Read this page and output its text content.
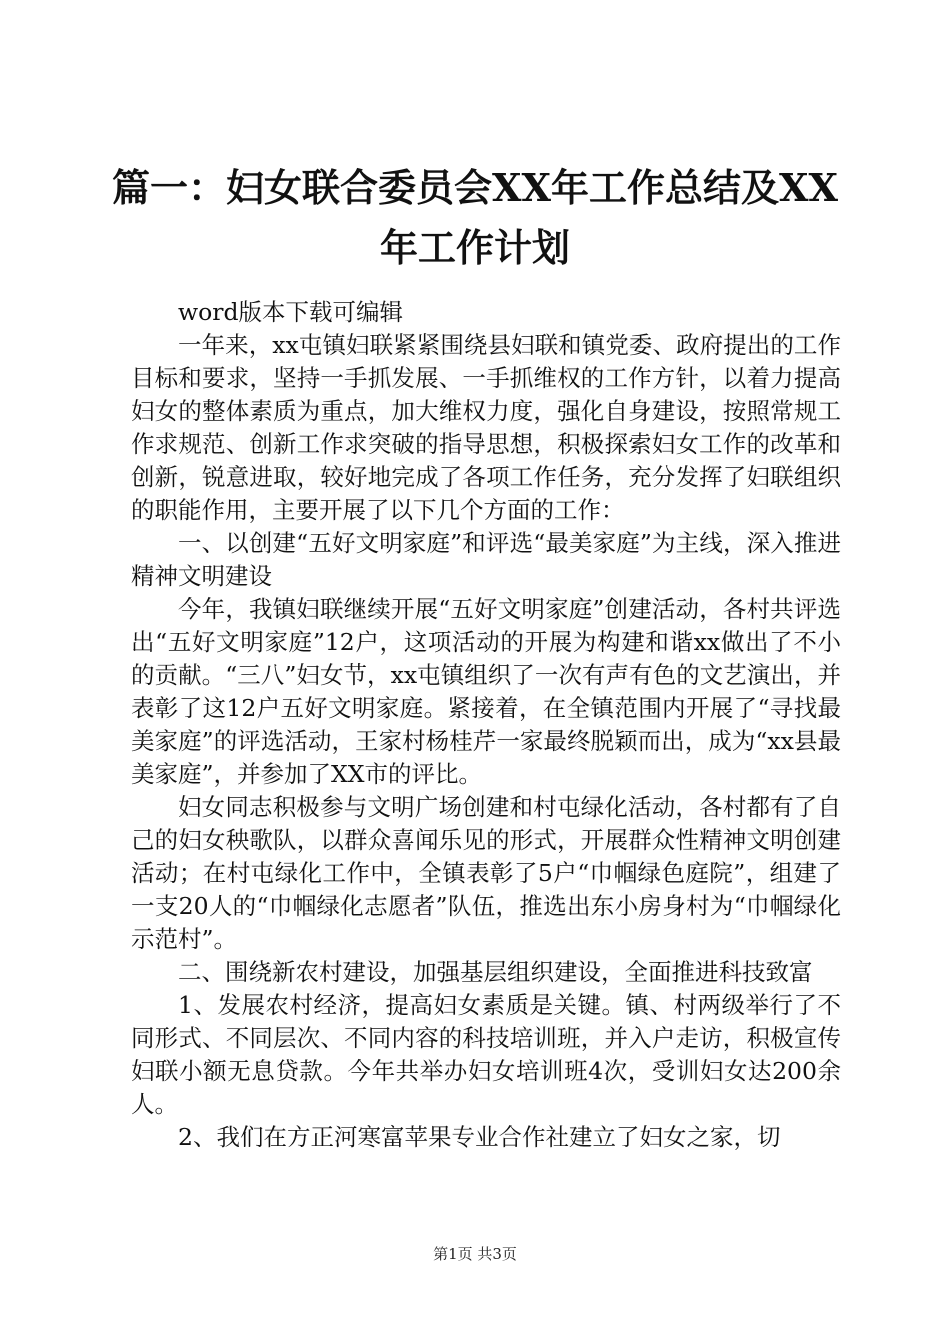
篇一：妇女联合委员会XX年工作总结及XX年工作计划

word版本下载可编辑

一年来，xx屯镇妇联紧紧围绕县妇联和镇党委、政府提出的工作目标和要求，坚持一手抓发展、一手抓维权的工作方针，以着力提高妇女的整体素质为重点，加大维权力度，强化自身建设，按照常规工作求规范、创新工作求突破的指导思想，积极探索妇女工作的改革和创新，锐意进取，较好地完成了各项工作任务，充分发挥了妇联组织的职能作用，主要开展了以下几个方面的工作：

一、以创建“五好文明家庭”和评选“最美家庭”为主线，深入推进精神文明建设

今年，我镇妇联继续开展“五好文明家庭”创建活动，各村共评选出“五好文明家庭”12户，这项活动的开展为构建和谐xx做出了不小的贡献。“三八”妇女节，xx屯镇组织了一次有声有色的文艺演出，并表彰了这12户五好文明家庭。紧接着，在全镇范围内开展了“寻找最美家庭”的评选活动，王家村杨桂芹一家最终脱颖而出，成为“xx县最美家庭”，并参加了XX市的评比。

妇女同志积极参与文明广场创建和村屯绿化活动，各村都有了自己的妇女秧歌队，以群众喜闻乐见的形式，开展群众性精神文明创建活动；在村屯绿化工作中，全镇表彰了5户“巾帼绿色庭院”，组建了一支20人的“巾帼绿化志愿者”队伍，推选出东小房身村为“巾帼绿化示范村”。

二、围绕新农村建设，加强基层组织建设，全面推进科技致富

1、发展农村经济，提高妇女素质是关键。镇、村两级举行了不同形式、不同层次、不同内容的科技培训班，并入户走访，积极宣传妇联小额无息贷款。今年共举办妇女培训班4次，受训妇女达200余人。

2、我们在方正河寒富苹果专业合作社建立了妇女之家，切

第1页 共3页
